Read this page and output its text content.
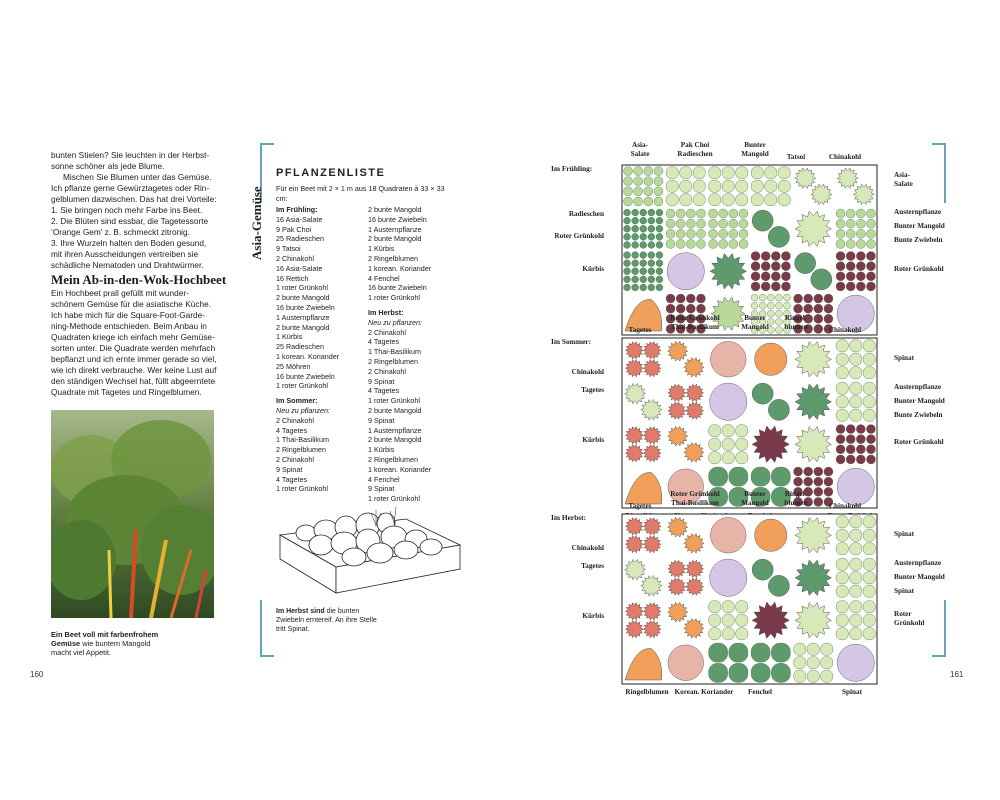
bunten Stielen? Sie leuchten in der Herbst-

sonne schöner als jede Blume.

Mischen Sie Blumen unter das Gemüse.

Ich pflanze gerne Gewürztagetes oder Rin-

gelblumen dazwischen. Das hat drei Vorteile:

1. Sie bringen noch mehr Farbe ins Beet.

2. Die Blüten sind essbar, die Tagetessorte

‘Orange Gem’ z. B. schmeckt zitronig.

3. Ihre Wurzeln halten den Boden gesund,

mit ihren Ausscheidungen vertreiben sie

schädliche Nematoden und Drahtwürmer.

Mein Ab-in-den-Wok-Hochbeet

Ein Hochbeet prall gefüllt mit wunder-

schönem Gemüse für die asiatische Küche.

Ich habe mich für die Square-Foot-Garde-

ning-Methode entschieden. Beim Anbau in

Quadraten kriege ich einfach mehr Gemüse-

sorten unter. Die Quadrate werden mehrfach

bepflanzt und ich ernte immer gerade so viel,

wie ich direkt verbrauche. Wer keine Lust auf

den ständigen Wechsel hat, füllt abgeerntete

Quadrate mit Tagetes und Ringelblumen.

Ein Beet voll mit farbenfrohem Gemüse wie buntem Mangold macht viel Appetit.
160
Asia-Gemüse
PFLANZENLISTE
Für ein Beet mit 2 × 1 m aus 18 Quadraten à 33 × 33 cm:
Im Frühling:
16 Asia-Salate
9 Pak Choi
25 Radieschen
9 Tatsoi
2 Chinakohl
16 Asia-Salate
16 Rettich
1 roter Grünkohl
2 bunte Mangold
16 bunte Zwiebeln
1 Austernpflanze
2 bunte Mangold
1 Kürbis
25 Radieschen
1 korean. Koriander
25 Möhren
16 bunte Zwiebeln
1 roter Grünkohl

Im Sommer:
Neu zu pflanzen:
2 Chinakohl
4 Tagetes
1 Thai-Basilikum
2 Ringelblumen
2 Chinakohl
9 Spinat
4 Tagetes
1 roter Grünkohl
2 bunte Mangold
16 bunte Zwiebeln
1 Austernpflanze
2 bunte Mangold
1 Kürbis
2 Ringelblumen
1 korean. Koriander
4 Fenchel
16 bunte Zwiebeln
1 roter Grünkohl

Im Herbst:
Neu zu pflanzen:
2 Chinakohl
4 Tagetes
1 Thai-Basilikum
2 Ringelblumen
2 Chinakohl
9 Spinat
4 Tagetes
1 roter Grünkohl
2 bunte Mangold
9 Spinat
1 Austernpflanze
2 bunte Mangold
1 Kürbis
2 Ringelblumen
1 korean. Koriander
4 Fenchel
9 Spinat
1 roter Grünkohl
Im Herbst sind die bunten Zwiebeln erntereif. An ihre Stelle tritt Spinat.
Im Frühling:
Asia-
Salate
Pak Choi
Radieschen
Bunter
Mangold Tatsoi	Chinakohl
Radieschen
Roter Grünkohl
Kürbis
Asia-
Salate
Austernpflanze
Bunter Mangold
Bunte Zwiebeln
Roter Grünkohl
Im Sommer:
Tagetes
Roter Grünkohl
Thai-Basilikum
Bunter
Mangold
Ringel-
blumen	Chinakohl
Chinakohl
Tagetes
Kürbis
Spinat
Austernpflanze
Bunter Mangold
Bunte Zwiebeln
Roter Grünkohl
Im Herbst:
Tagetes
Roter Grünkohl
Thai-Basilikum
Bunter
Mangold
Ringel-
blumen	Chinakohl
Chinakohl
Tagetes
Kürbis
Spinat
Austernpflanze
Bunter Mangold
Spinat
Roter
Grünkohl
Ringelblumen Korean. Koriander Fenchel	Spinat
161
